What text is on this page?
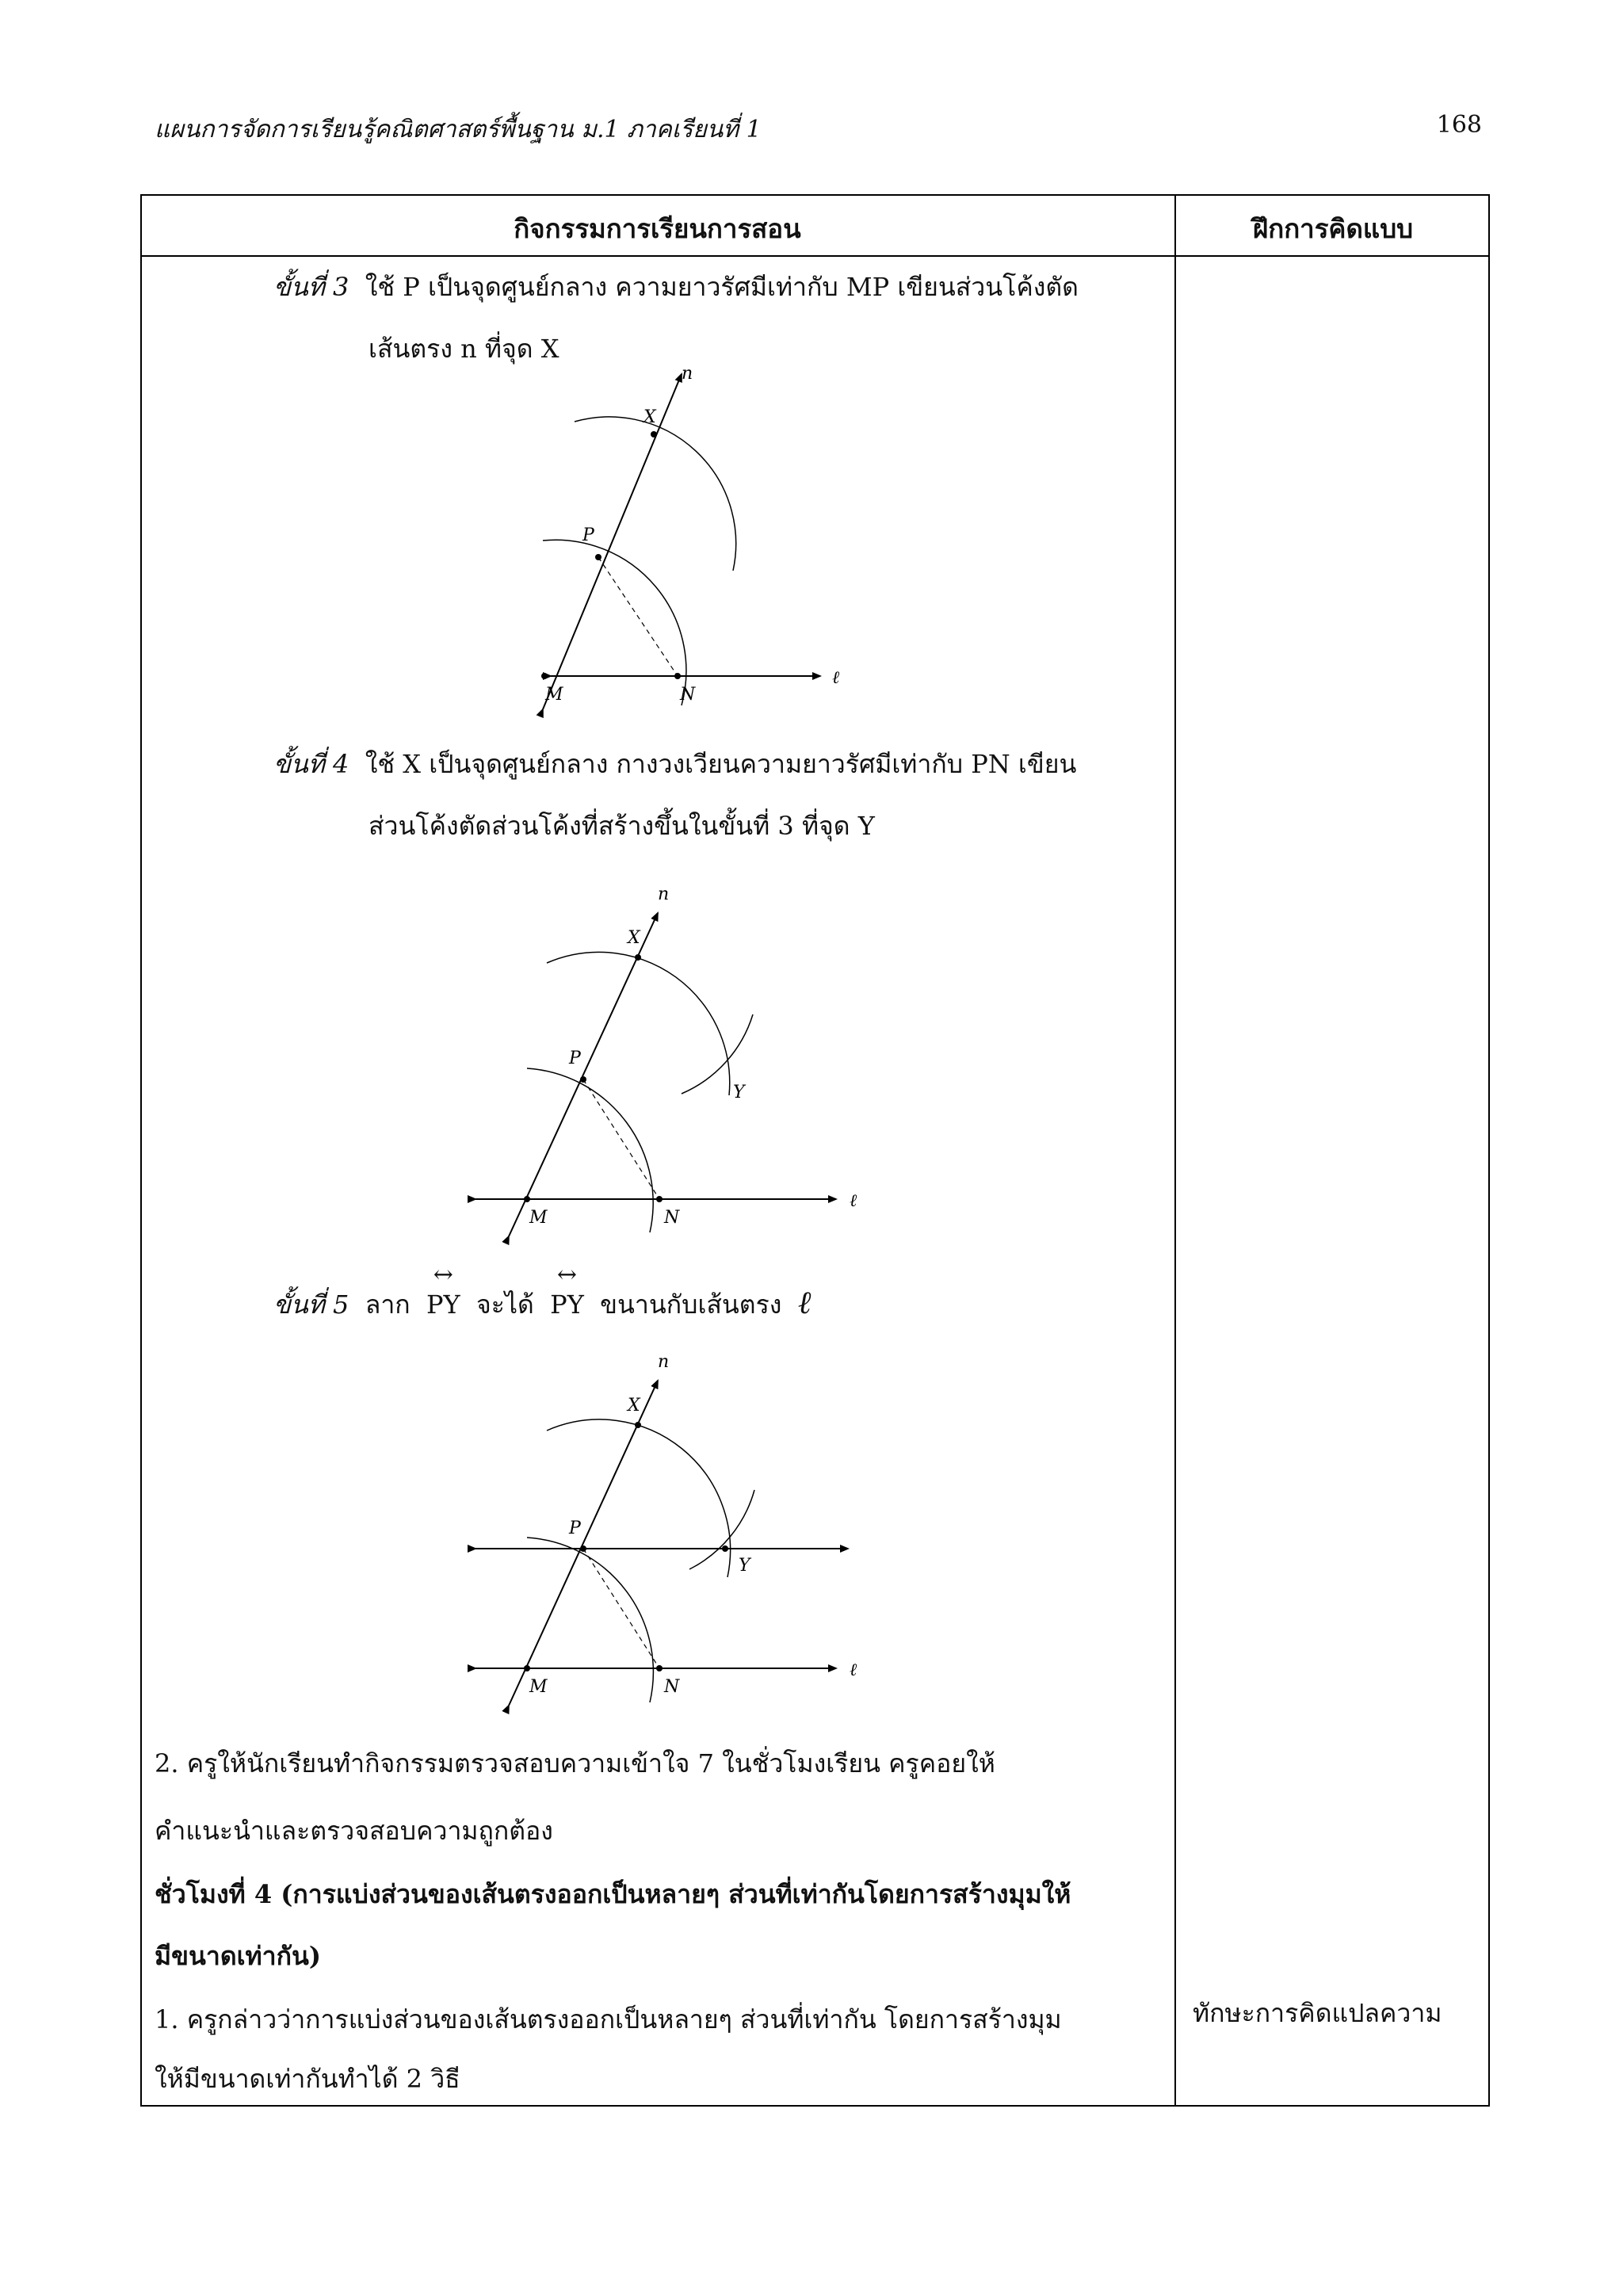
แผนการจัดการเรียนรู้คณิตศาสตร์พื้นฐาน ม.1 ภาคเรียนที่ 1	168
กิจกรรมการเรียนการสอน	ฝึกการคิดแบบ
ขั้นที่ 3 ใช้ P เป็นจุดศูนย์กลาง ความยาวรัศมีเท่ากับ MP เขียนส่วนโค้งตัด
เส้นตรง n ที่จุด X
n
X
P
M	N
ℓ
ขั้นที่ 4 ใช้ X เป็นจุดศูนย์กลาง กางวงเวียนความยาวรัศมีเท่ากับ PN เขียน
ส่วนโค้งตัดส่วนโค้งที่สร้างขึ้นในขั้นที่ 3 ที่จุด Y
n
X
P
Y
M	N
ℓ
ขั้นที่ 5 ลาก ↔ PY จะได้ ↔ PY ขนานกับเส้นตรง ℓ
n
X
P
Y
M	N
ℓ
2. ครูให้นักเรียนทำกิจกรรมตรวจสอบความเข้าใจ 7 ในชั่วโมงเรียน ครูคอยให้
คำแนะนำและตรวจสอบความถูกต้อง
ชั่วโมงที่ 4 (การแบ่งส่วนของเส้นตรงออกเป็นหลายๆ ส่วนที่เท่ากันโดยการสร้างมุมให้
มีขนาดเท่ากัน)
1. ครูกล่าวว่าการแบ่งส่วนของเส้นตรงออกเป็นหลายๆ ส่วนที่เท่ากัน โดยการสร้างมุม
ให้มีขนาดเท่ากันทำได้ 2 วิธี
ทักษะการคิดแปลความ
